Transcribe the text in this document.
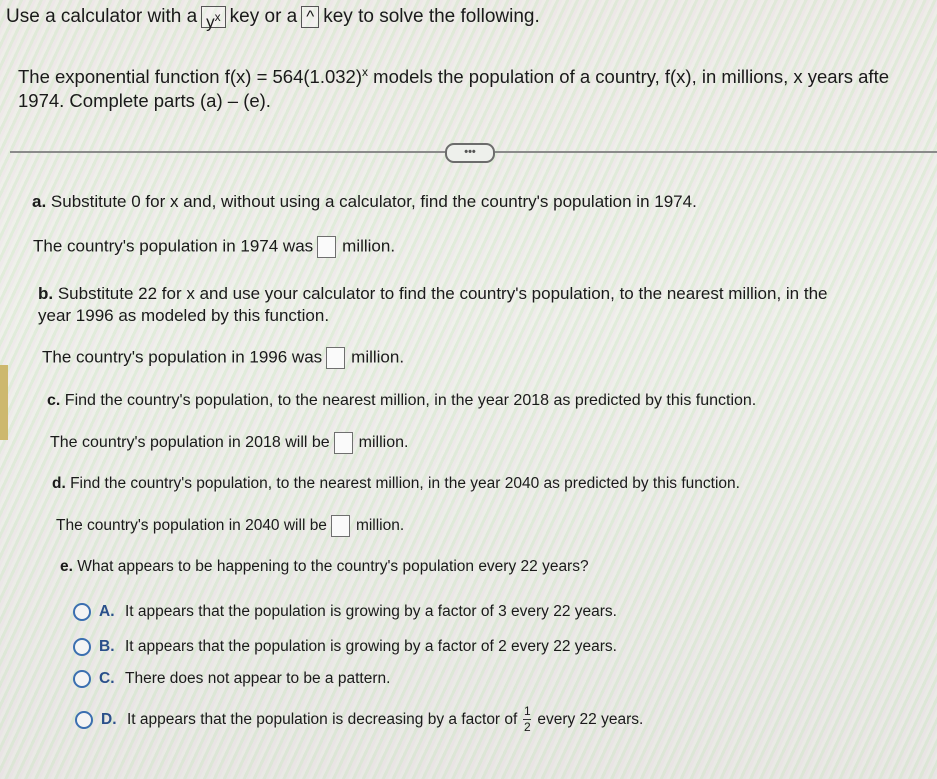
Use a calculator with a $y^x$ key or a ^ key to solve the following.
The exponential function $f(x) = 564(1.032)^x$ models the population of a country, f(x), in millions, x years afte
1974. Complete parts (a) – (e).
•••
a. Substitute 0 for x and, without using a calculator, find the country's population in 1974.
The country's population in 1974 was million.
b. Substitute 22 for x and use your calculator to find the country's population, to the nearest million, in the
year 1996 as modeled by this function.
The country's population in 1996 was million.
c. Find the country's population, to the nearest million, in the year 2018 as predicted by this function.
The country's population in 2018 will be million.
d. Find the country's population, to the nearest million, in the year 2040 as predicted by this function.
The country's population in 2040 will be million.
e. What appears to be happening to the country's population every 22 years?
A. It appears that the population is growing by a factor of 3 every 22 years.
B. It appears that the population is growing by a factor of 2 every 22 years.
C. There does not appear to be a pattern.
D. It appears that the population is decreasing by a factor of $\frac{1}{2}$ every 22 years.
